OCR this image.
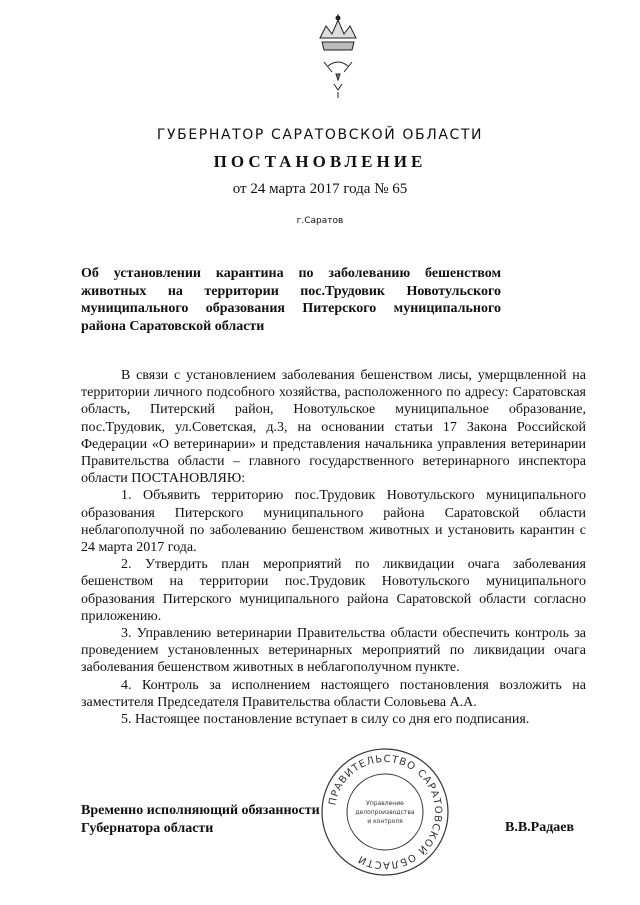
ГУБЕРНАТОР САРАТОВСКОЙ ОБЛАСТИ
ПОСТАНОВЛЕНИЕ
от 24 марта 2017 года № 65
г.Саратов
Об установлении карантина по заболеванию бешенством животных на территории пос.Трудовик Новотульского муниципального образования Питерского муниципального района Саратовской области

В связи с установлением заболевания бешенством лисы, умерщвленной на территории личного подсобного хозяйства, расположенного по адресу: Саратовская область, Питерский район, Новотульское муниципальное образование, пос.Трудовик, ул.Советская, д.3, на основании статьи 17 Закона Российской Федерации «О ветеринарии» и представления начальника управления ветеринарии Правительства области – главного государственного ветеринарного инспектора области ПОСТАНОВЛЯЮ:

1. Объявить территорию пос.Трудовик Новотульского муниципального образования Питерского муниципального района Саратовской области неблагополучной по заболеванию бешенством животных и установить карантин с 24 марта 2017 года.

2. Утвердить план мероприятий по ликвидации очага заболевания бешенством на территории пос.Трудовик Новотульского муниципального образования Питерского муниципального района Саратовской области согласно приложению.

3. Управлению ветеринарии Правительства области обеспечить контроль за проведением установленных ветеринарных мероприятий по ликвидации очага заболевания бешенством животных в неблагополучном пункте.

4. Контроль за исполнением настоящего постановления возложить на заместителя Председателя Правительства области Соловьева А.А.

5. Настоящее постановление вступает в силу со дня его подписания.

Временно исполняющий обязанности
Губернатора области
ПРАВИТЕЛЬСТВО САРАТОВСКОЙ ОБЛАСТИ
Управление
делопроизводства
и контроля	В.В.Радаев
